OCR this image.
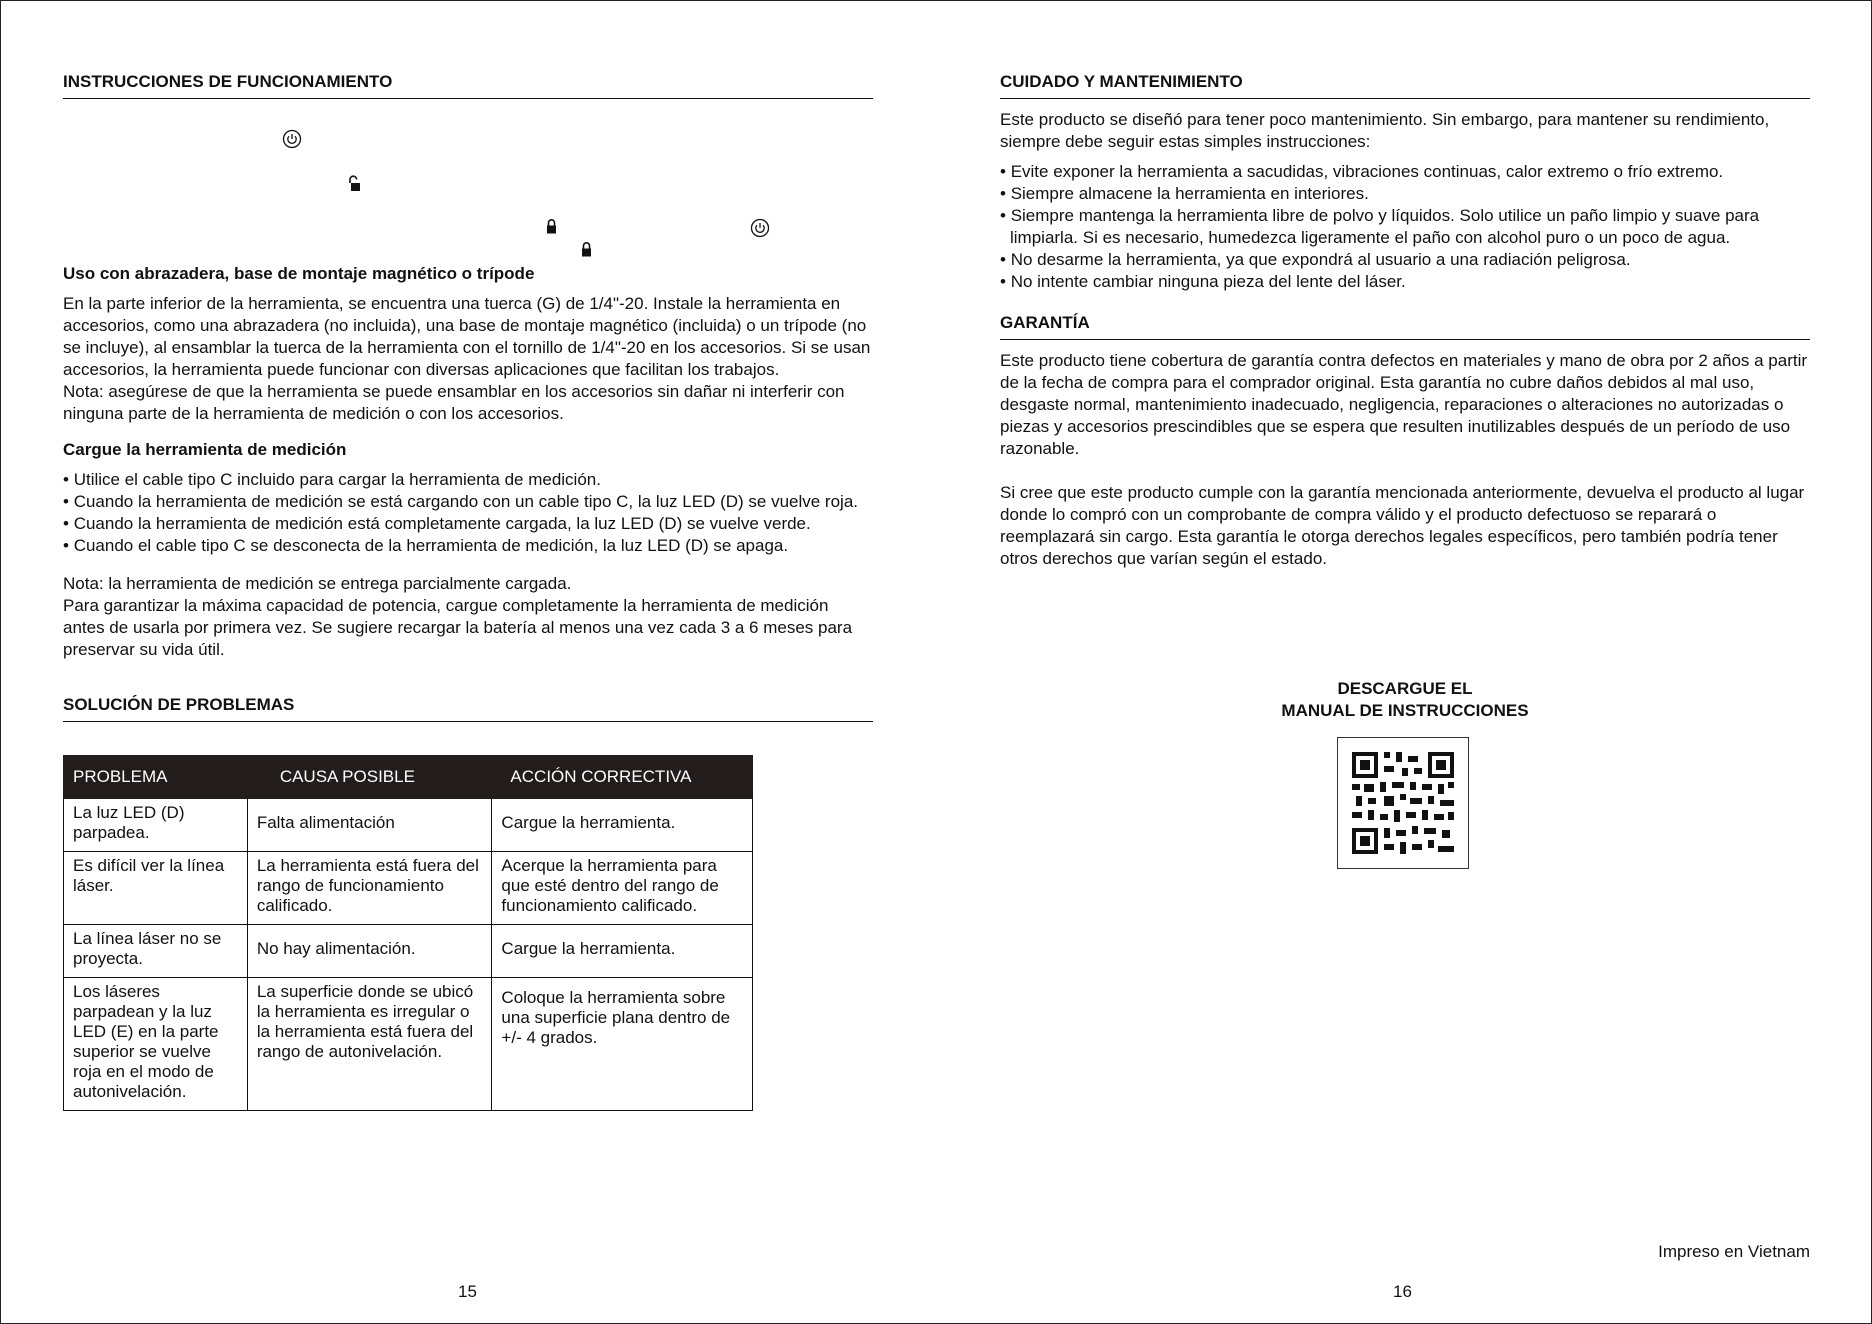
INSTRUCCIONES DE FUNCIONAMIENTO
Uso con abrazadera, base de montaje magnético o trípode
En la parte inferior de la herramienta, se encuentra una tuerca (G) de 1/4"-20. Instale la herramienta en accesorios, como una abrazadera (no incluida), una base de montaje magnético (incluida) o un trípode (no se incluye), al ensamblar la tuerca de la herramienta con el tornillo de 1/4"-20 en los accesorios. Si se usan accesorios, la herramienta puede funcionar con diversas aplicaciones que facilitan los trabajos.
Nota: asegúrese de que la herramienta se puede ensamblar en los accesorios sin dañar ni interferir con ninguna parte de la herramienta de medición o con los accesorios.
Cargue la herramienta de medición
• Utilice el cable tipo C incluido para cargar la herramienta de medición.
• Cuando la herramienta de medición se está cargando con un cable tipo C, la luz LED (D) se vuelve roja.
• Cuando la herramienta de medición está completamente cargada, la luz LED (D) se vuelve verde.
• Cuando el cable tipo C se desconecta de la herramienta de medición, la luz LED (D) se apaga.
Nota: la herramienta de medición se entrega parcialmente cargada.
Para garantizar la máxima capacidad de potencia, cargue completamente la herramienta de medición antes de usarla por primera vez. Se sugiere recargar la batería al menos una vez cada 3 a 6 meses para preservar su vida útil.
SOLUCIÓN DE PROBLEMAS
PROBLEMA	CAUSA POSIBLE	ACCIÓN CORRECTIVA
La luz LED (D) parpadea.	Falta alimentación	Cargue la herramienta.
Es difícil ver la línea láser.	La herramienta está fuera del rango de funcionamiento calificado.	Acerque la herramienta para que esté dentro del rango de funcionamiento calificado.
La línea láser no se proyecta.	No hay alimentación.	Cargue la herramienta.
Los láseres parpadean y la luz LED (E) en la parte superior se vuelve roja en el modo de autonivelación.	La superficie donde se ubicó la herramienta es irregular o la herramienta está fuera del rango de autonivelación.	Coloque la herramienta sobre una superficie plana dentro de +/- 4 grados.
CUIDADO Y MANTENIMIENTO
Este producto se diseñó para tener poco mantenimiento. Sin embargo, para mantener su rendimiento, siempre debe seguir estas simples instrucciones:
• Evite exponer la herramienta a sacudidas, vibraciones continuas, calor extremo o frío extremo.
• Siempre almacene la herramienta en interiores.
• Siempre mantenga la herramienta libre de polvo y líquidos. Solo utilice un paño limpio y suave para limpiarla. Si es necesario, humedezca ligeramente el paño con alcohol puro o un poco de agua.
• No desarme la herramienta, ya que expondrá al usuario a una radiación peligrosa.
• No intente cambiar ninguna pieza del lente del láser.
GARANTÍA
Este producto tiene cobertura de garantía contra defectos en materiales y mano de obra por 2 años a partir de la fecha de compra para el comprador original. Esta garantía no cubre daños debidos al mal uso, desgaste normal, mantenimiento inadecuado, negligencia, reparaciones o alteraciones no autorizadas o piezas y accesorios prescindibles que se espera que resulten inutilizables después de un período de uso razonable.
Si cree que este producto cumple con la garantía mencionada anteriormente, devuelva el producto al lugar donde lo compró con un comprobante de compra válido y el producto defectuoso se reparará o reemplazará sin cargo. Esta garantía le otorga derechos legales específicos, pero también podría tener otros derechos que varían según el estado.
DESCARGUE EL
MANUAL DE INSTRUCCIONES
Impreso en Vietnam
15	16
